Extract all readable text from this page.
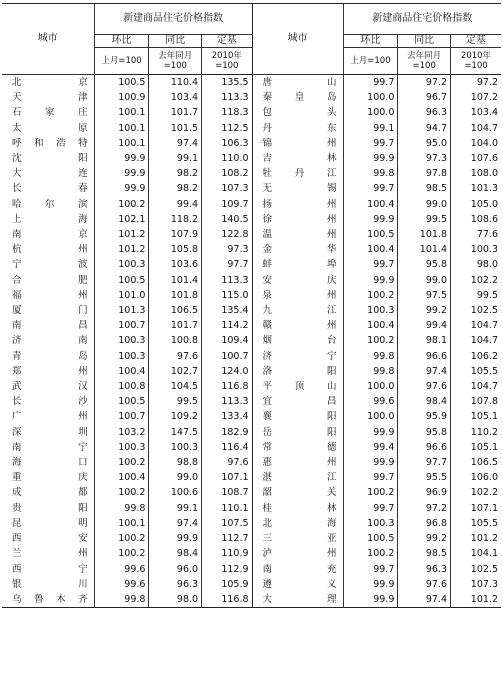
城市	新建商品住宅价格指数			城市	新建商品住宅价格指数		
	环比	同比	定基		环比	同比	定基
	上月=100	去年同月=100	2010年=100		上月=100	去年同月=100	2010年=100
北 京	100.5	110.4	135.5	唐 山	99.7	97.2	97.2
天 津	100.9	103.4	113.3	秦皇岛	100.0	96.7	107.2
石家庄	100.1	101.7	118.3	包 头	100.0	96.3	103.4
太 原	100.1	101.5	112.5	丹 东	99.1	94.7	104.7
呼和浩特	100.1	97.4	106.3	锦 州	99.7	95.0	104.0
沈 阳	99.9	99.1	110.0	吉 林	99.9	97.3	107.6
大 连	99.9	98.2	108.2	牡丹江	99.8	97.8	108.0
长 春	99.9	98.2	107.3	无 锡	99.7	98.5	101.3
哈尔滨	100.2	99.4	109.7	扬 州	100.4	99.0	105.0
上 海	102.1	118.2	140.5	徐 州	99.9	99.5	108.6
南 京	101.2	107.9	122.8	温 州	100.5	101.8	77.6
杭 州	101.2	105.8	97.3	金 华	100.4	101.4	100.3
宁 波	100.3	103.6	97.7	蚌 埠	99.7	95.8	98.0
合 肥	100.5	101.4	113.3	安 庆	99.9	99.0	102.2
福 州	101.0	101.8	115.0	泉 州	100.2	97.5	99.5
厦 门	101.3	106.5	135.4	九 江	100.3	99.2	102.5
南 昌	100.7	101.7	114.2	赣 州	100.4	99.4	104.7
济 南	100.3	100.8	109.4	烟 台	100.2	98.1	104.7
青 岛	100.3	97.6	100.7	济 宁	99.8	96.6	106.2
郑 州	100.4	102.7	124.0	洛 阳	99.8	97.4	105.5
武 汉	100.8	104.5	116.8	平顶山	100.0	97.6	104.7
长 沙	100.5	99.5	113.3	宜 昌	99.6	98.4	107.8
广 州	100.7	109.2	133.4	襄 阳	100.0	95.9	105.1
深 圳	103.2	147.5	182.9	岳 阳	99.9	95.8	110.2
南 宁	100.3	100.3	116.4	常 德	99.4	96.6	105.1
海 口	100.2	98.8	97.6	惠 州	99.9	97.7	106.5
重 庆	100.4	99.0	107.1	湛 江	99.7	95.5	106.0
成 都	100.2	100.6	108.7	韶 关	100.2	96.9	102.2
贵 阳	99.8	99.1	110.1	桂 林	99.7	97.2	107.1
昆 明	100.1	97.4	107.5	北 海	100.3	96.8	105.5
西 安	100.2	99.9	112.7	三 亚	100.5	99.2	101.2
兰 州	100.2	98.4	110.9	泸 州	100.2	98.5	104.1
西 宁	99.6	96.0	112.9	南 充	99.7	96.3	102.5
银 川	99.6	96.3	105.9	遵 义	99.9	97.6	107.3
乌鲁木齐	99.8	98.0	116.8	大 理	99.9	97.4	101.2
